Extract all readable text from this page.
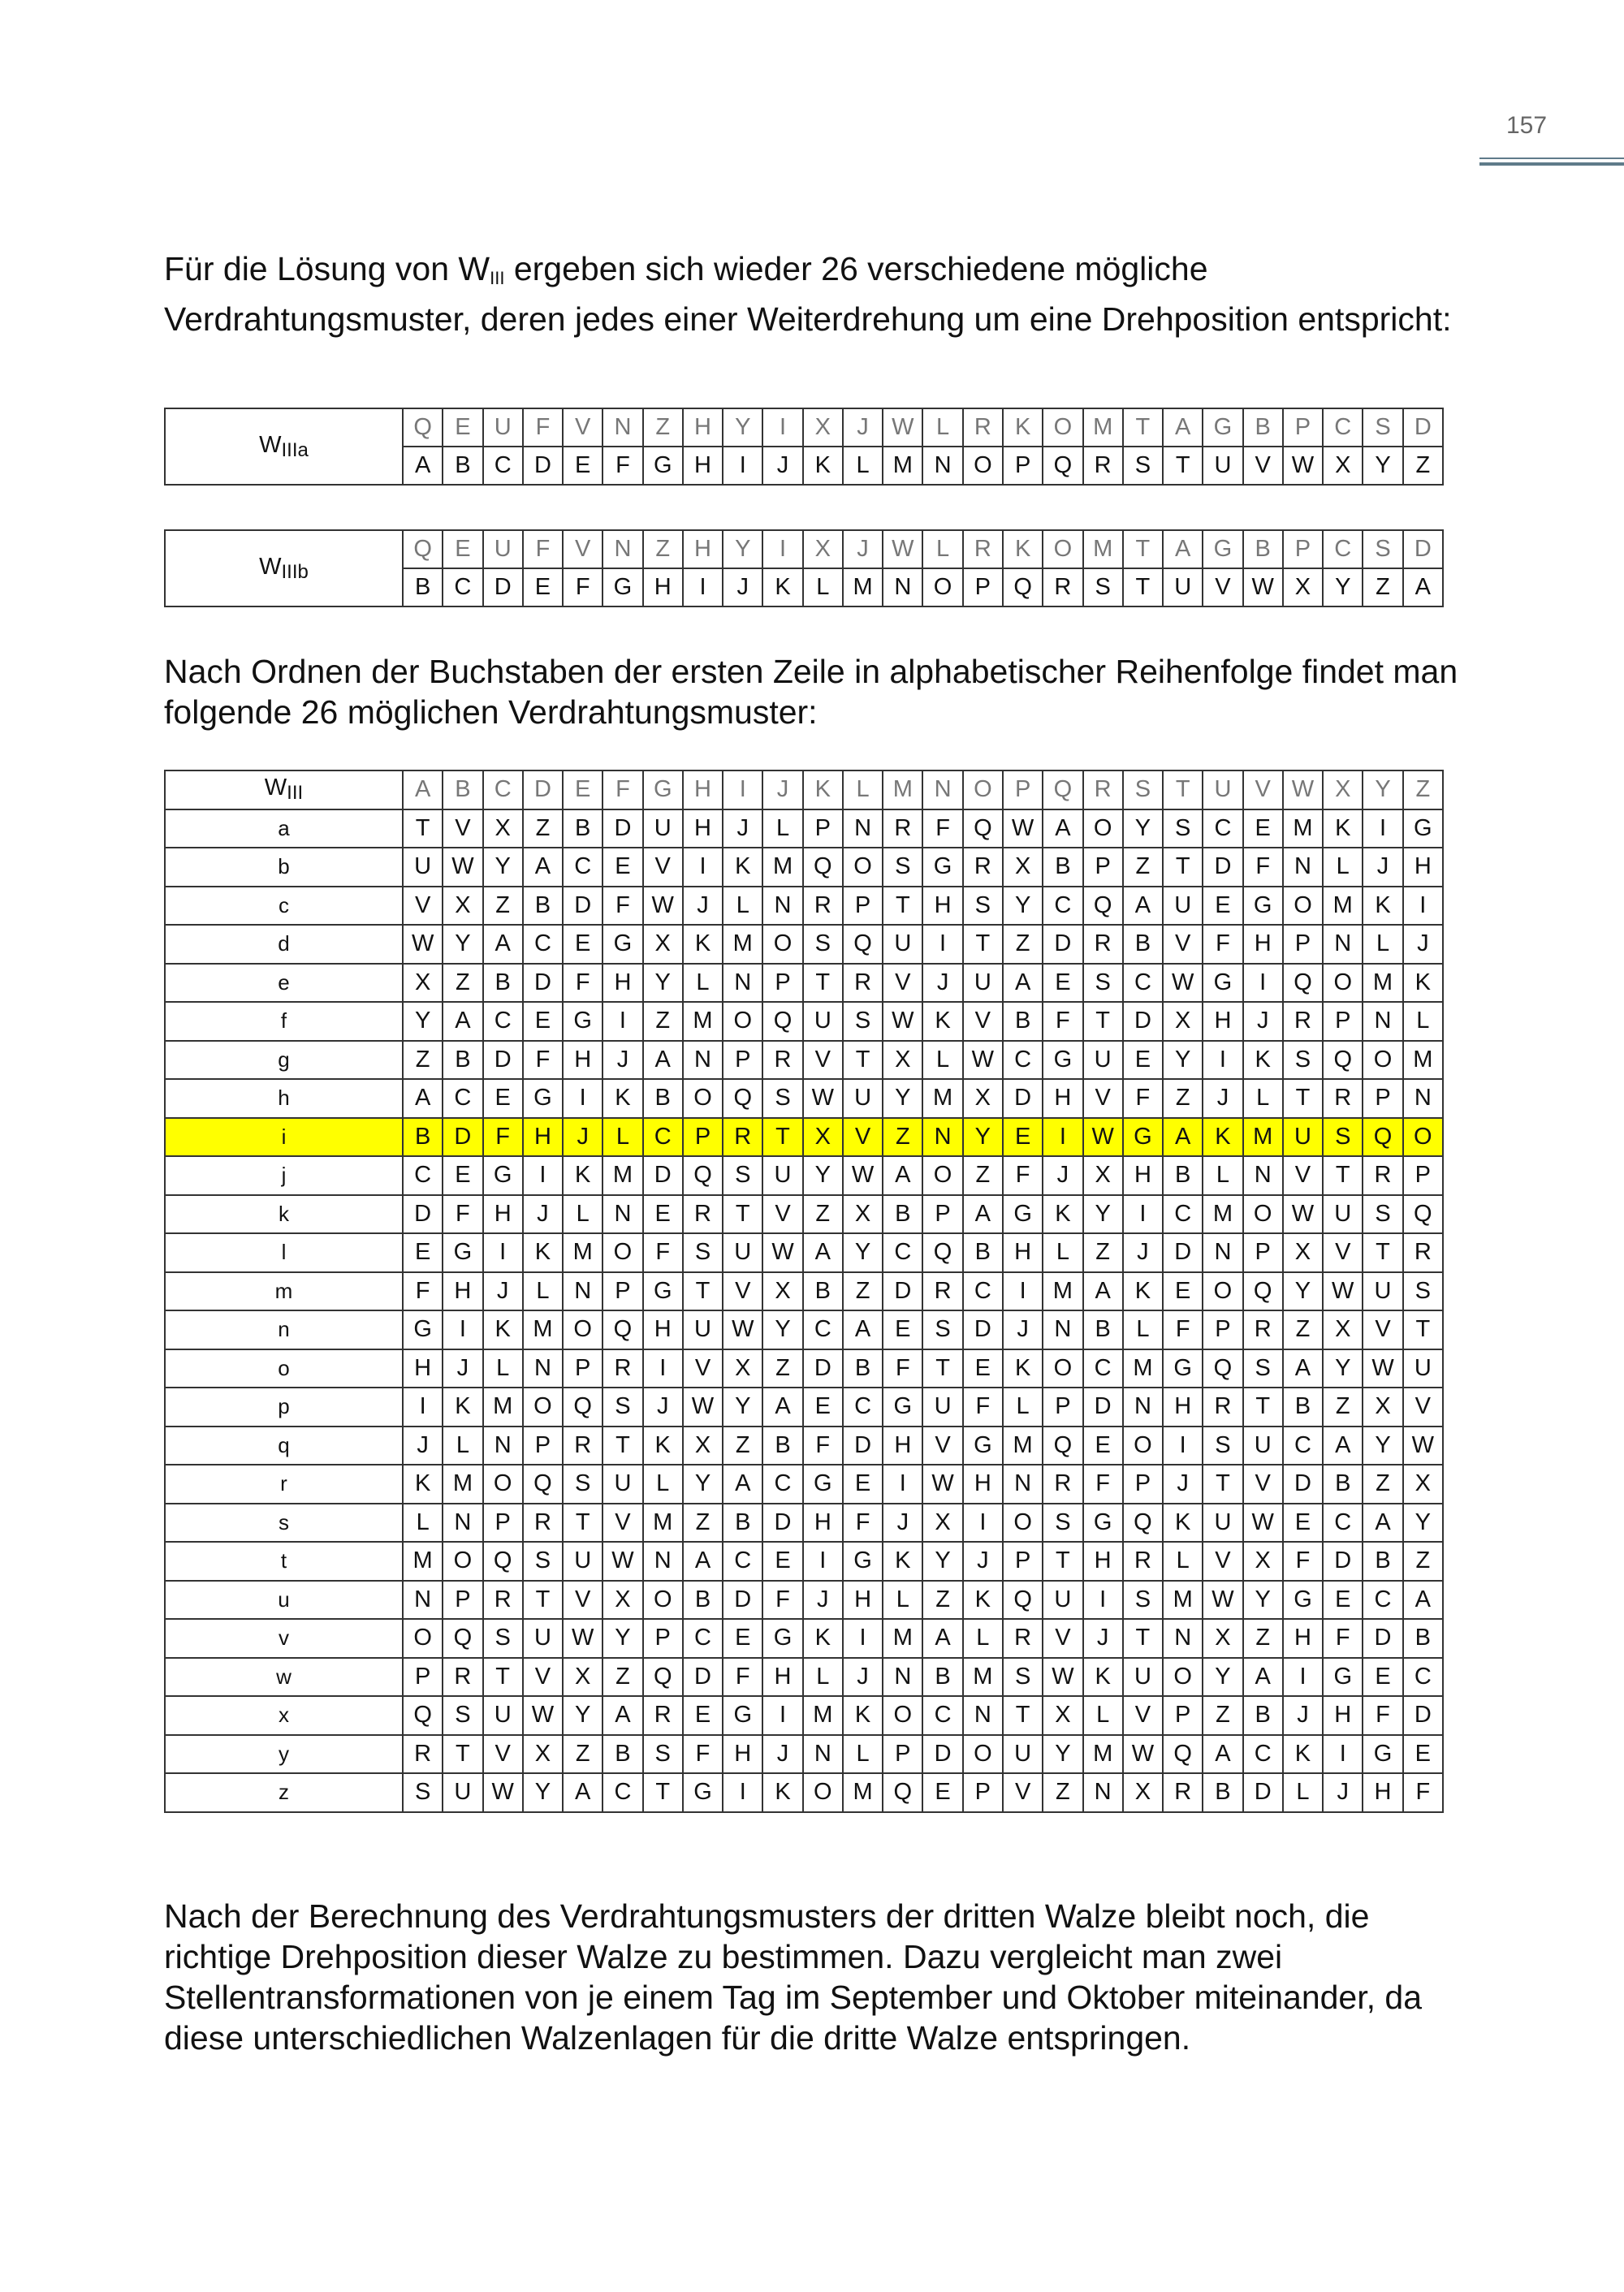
157

Für die Lösung von $W_{III}$ ergeben sich wieder 26 verschiedene mögliche Verdrahtungsmuster, deren jedes einer Weiterdrehung um eine Drehposition entspricht:

$W_{IIIa}$	Q	E	U	F	V	N	Z	H	Y	I	X	J	W	L	R	K	O	M	T	A	G	B	P	C	S	D
	A	B	C	D	E	F	G	H	I	J	K	L	M	N	O	P	Q	R	S	T	U	V	W	X	Y	Z
$W_{IIIb}$	Q	E	U	F	V	N	Z	H	Y	I	X	J	W	L	R	K	O	M	T	A	G	B	P	C	S	D
	B	C	D	E	F	G	H	I	J	K	L	M	N	O	P	Q	R	S	T	U	V	W	X	Y	Z	A

Nach Ordnen der Buchstaben der ersten Zeile in alphabetischer Reihenfolge findet man folgende 26 möglichen Verdrahtungsmuster:

$W_{III}$	A	B	C	D	E	F	G	H	I	J	K	L	M	N	O	P	Q	R	S	T	U	V	W	X	Y	Z
a	T	V	X	Z	B	D	U	H	J	L	P	N	R	F	Q	W	A	O	Y	S	C	E	M	K	I	G
b	U	W	Y	A	C	E	V	I	K	M	Q	O	S	G	R	X	B	P	Z	T	D	F	N	L	J	H
c	V	X	Z	B	D	F	W	J	L	N	R	P	T	H	S	Y	C	Q	A	U	E	G	O	M	K	I
d	W	Y	A	C	E	G	X	K	M	O	S	Q	U	I	T	Z	D	R	B	V	F	H	P	N	L	J
e	X	Z	B	D	F	H	Y	L	N	P	T	R	V	J	U	A	E	S	C	W	G	I	Q	O	M	K
f	Y	A	C	E	G	I	Z	M	O	Q	U	S	W	K	V	B	F	T	D	X	H	J	R	P	N	L
g	Z	B	D	F	H	J	A	N	P	R	V	T	X	L	W	C	G	U	E	Y	I	K	S	Q	O	M
h	A	C	E	G	I	K	B	O	Q	S	W	U	Y	M	X	D	H	V	F	Z	J	L	T	R	P	N
i	B	D	F	H	J	L	C	P	R	T	X	V	Z	N	Y	E	I	W	G	A	K	M	U	S	Q	O
j	C	E	G	I	K	M	D	Q	S	U	Y	W	A	O	Z	F	J	X	H	B	L	N	V	T	R	P
k	D	F	H	J	L	N	E	R	T	V	Z	X	B	P	A	G	K	Y	I	C	M	O	W	U	S	Q
l	E	G	I	K	M	O	F	S	U	W	A	Y	C	Q	B	H	L	Z	J	D	N	P	X	V	T	R
m	F	H	J	L	N	P	G	T	V	X	B	Z	D	R	C	I	M	A	K	E	O	Q	Y	W	U	S
n	G	I	K	M	O	Q	H	U	W	Y	C	A	E	S	D	J	N	B	L	F	P	R	Z	X	V	T
o	H	J	L	N	P	R	I	V	X	Z	D	B	F	T	E	K	O	C	M	G	Q	S	A	Y	W	U
p	I	K	M	O	Q	S	J	W	Y	A	E	C	G	U	F	L	P	D	N	H	R	T	B	Z	X	V
q	J	L	N	P	R	T	K	X	Z	B	F	D	H	V	G	M	Q	E	O	I	S	U	C	A	Y	W
r	K	M	O	Q	S	U	L	Y	A	C	G	E	I	W	H	N	R	F	P	J	T	V	D	B	Z	X
s	L	N	P	R	T	V	M	Z	B	D	H	F	J	X	I	O	S	G	Q	K	U	W	E	C	A	Y
t	M	O	Q	S	U	W	N	A	C	E	I	G	K	Y	J	P	T	H	R	L	V	X	F	D	B	Z
u	N	P	R	T	V	X	O	B	D	F	J	H	L	Z	K	Q	U	I	S	M	W	Y	G	E	C	A
v	O	Q	S	U	W	Y	P	C	E	G	K	I	M	A	L	R	V	J	T	N	X	Z	H	F	D	B
w	P	R	T	V	X	Z	Q	D	F	H	L	J	N	B	M	S	W	K	U	O	Y	A	I	G	E	C
x	Q	S	U	W	Y	A	R	E	G	I	M	K	O	C	N	T	X	L	V	P	Z	B	J	H	F	D
y	R	T	V	X	Z	B	S	F	H	J	N	L	P	D	O	U	Y	M	W	Q	A	C	K	I	G	E
z	S	U	W	Y	A	C	T	G	I	K	O	M	Q	E	P	V	Z	N	X	R	B	D	L	J	H	F

Nach der Berechnung des Verdrahtungsmusters der dritten Walze bleibt noch, die richtige Drehposition dieser Walze zu bestimmen. Dazu vergleicht man zwei Stellentransformationen von je einem Tag im September und Oktober miteinander, da diese unterschiedlichen Walzenlagen für die dritte Walze entspringen.
